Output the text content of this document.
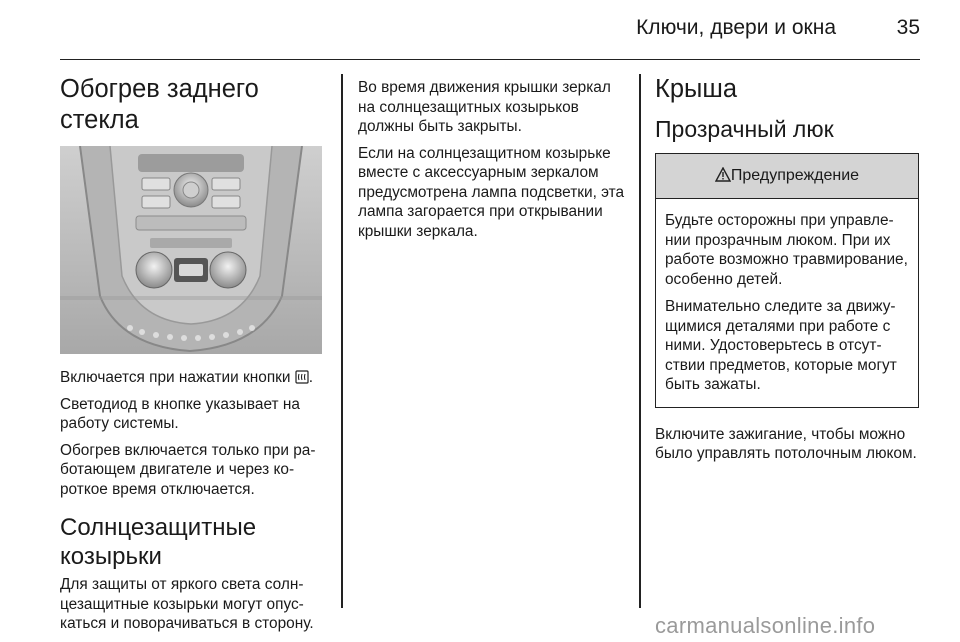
Ключи, двери и окна	35
Обогрев заднего стекла

Включается при нажатии кнопки .

Светодиод в кнопке указывает на работу системы.

Обогрев включается только при работающем двигателе и через короткое время отключается.

Солнцезащитные козырьки

Для защиты от яркого света солнцезащитные козырьки могут опускаться и поворачиваться в сторону.

Во время движения крышки зеркал на солнцезащитных козырьков должны быть закрыты.

Если на солнцезащитном козырьке вместе с аксессуарным зеркалом предусмотрена лампа подсветки, эта лампа загорается при открывании крышки зеркала.

Крыша
Прозрачный люк
Предупреждение

Будьте осторожны при управлении прозрачным люком. При их работе возможно травмирование, особенно детей.

Внимательно следите за движущимися деталями при работе с ними. Удостоверьтесь в отсутствии предметов, которые могут быть зажаты.

Включите зажигание, чтобы можно было управлять потолочным люком.

carmanualsonline.info
